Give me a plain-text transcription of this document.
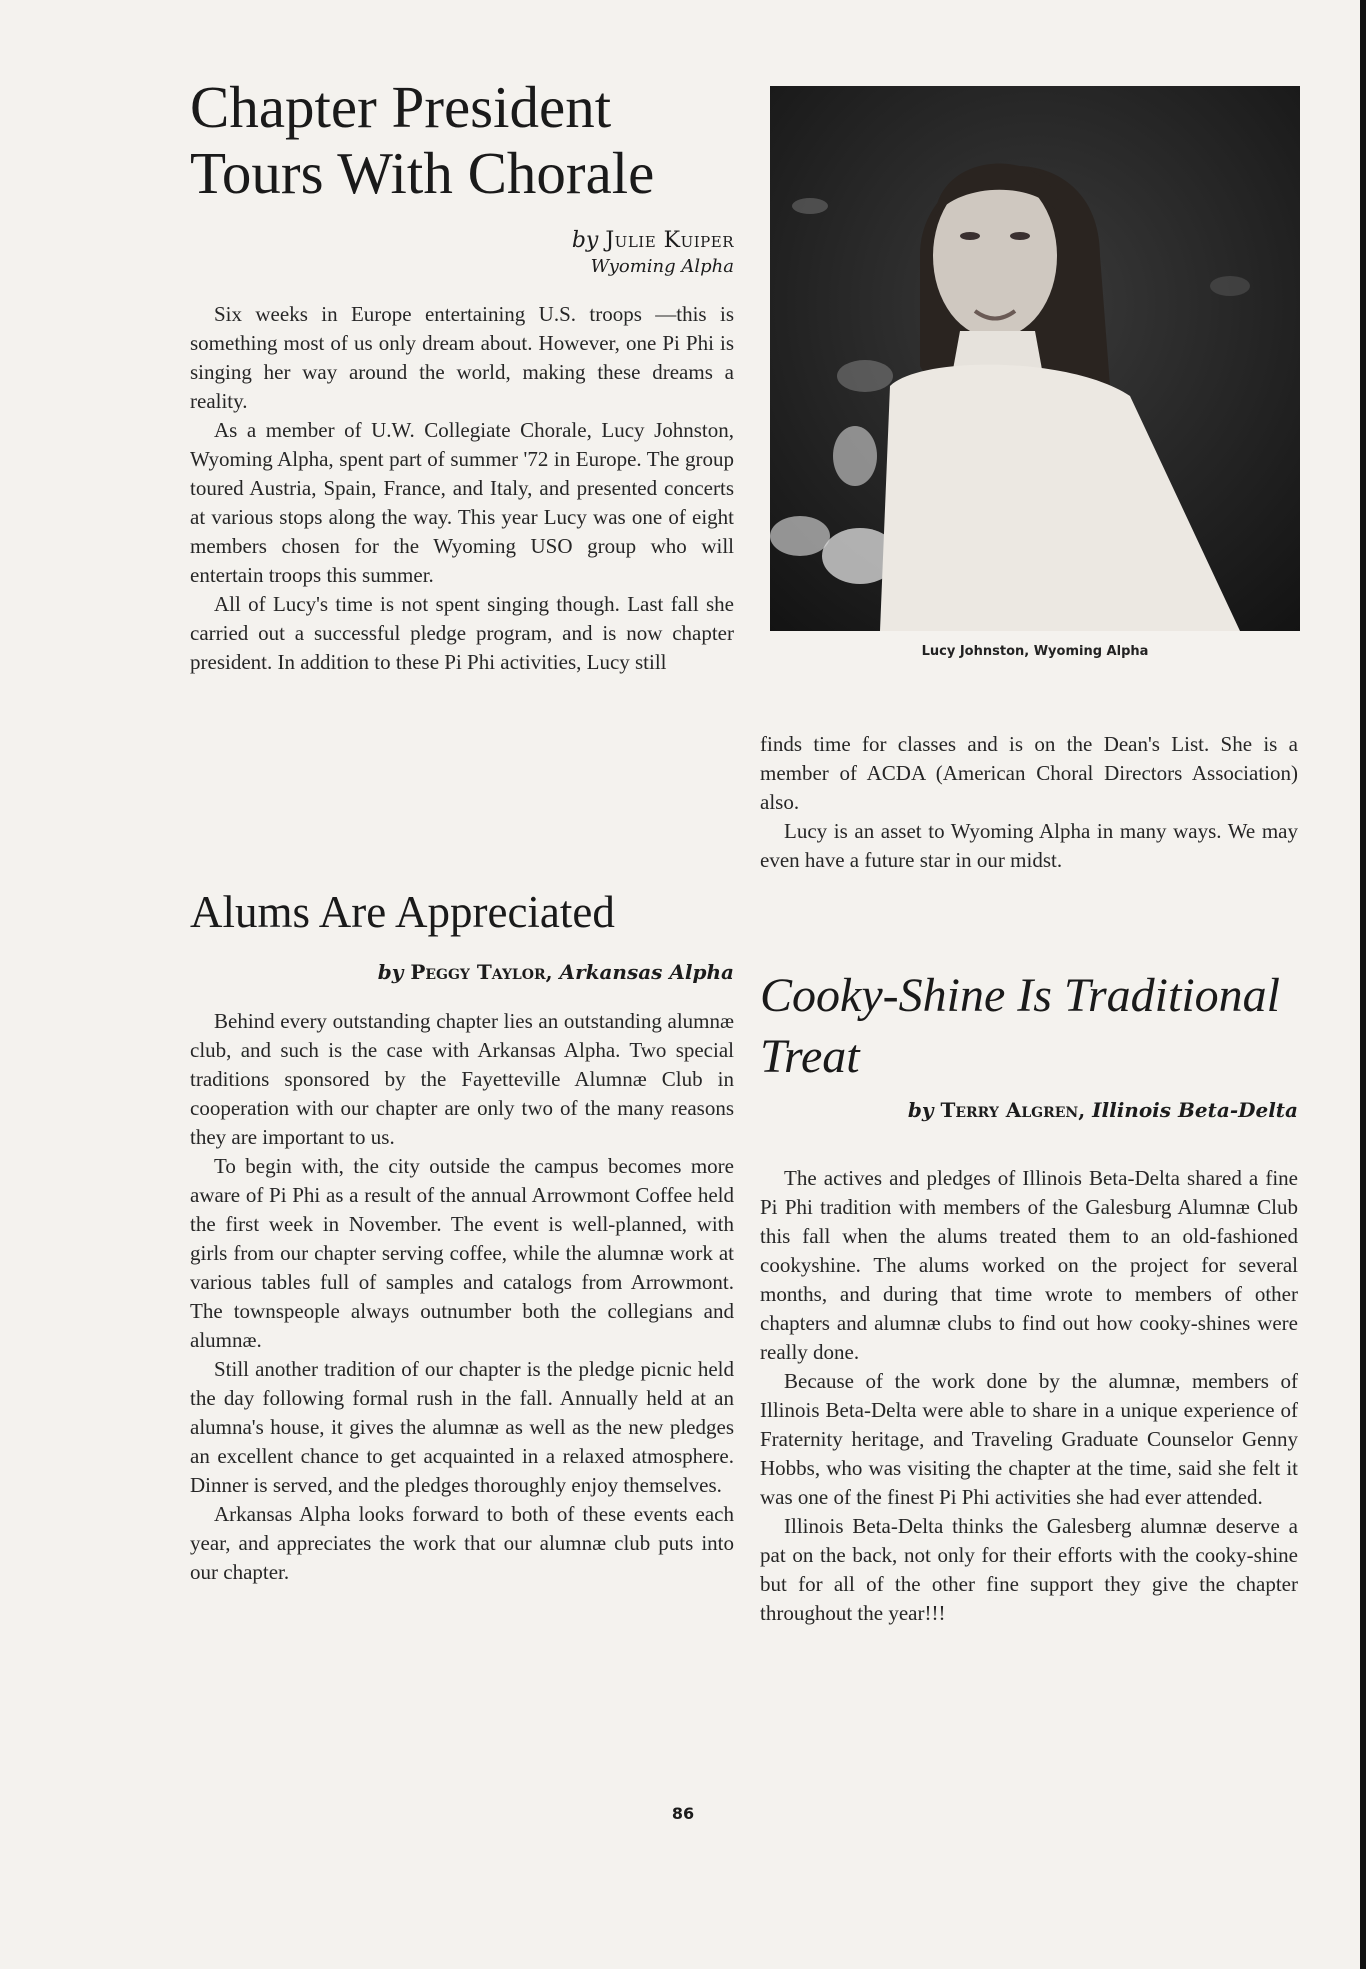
Chapter President Tours With Chorale
by Julie Kuiper
Wyoming Alpha

Six weeks in Europe entertaining U.S. troops —this is something most of us only dream about. However, one Pi Phi is singing her way around the world, making these dreams a reality.

As a member of U.W. Collegiate Chorale, Lucy Johnston, Wyoming Alpha, spent part of summer '72 in Europe. The group toured Austria, Spain, France, and Italy, and presented concerts at various stops along the way. This year Lucy was one of eight members chosen for the Wyoming USO group who will entertain troops this summer.

All of Lucy's time is not spent singing though. Last fall she carried out a successful pledge program, and is now chapter president. In addition to these Pi Phi activities, Lucy still	Lucy Johnston, Wyoming Alpha

finds time for classes and is on the Dean's List. She is a member of ACDA (American Choral Directors Association) also.

Lucy is an asset to Wyoming Alpha in many ways. We may even have a future star in our midst.

Alums Are Appreciated
by Peggy Taylor, Arkansas Alpha

Behind every outstanding chapter lies an outstanding alumnæ club, and such is the case with Arkansas Alpha. Two special traditions sponsored by the Fayetteville Alumnæ Club in cooperation with our chapter are only two of the many reasons they are important to us.

To begin with, the city outside the campus becomes more aware of Pi Phi as a result of the annual Arrowmont Coffee held the first week in November. The event is well-planned, with girls from our chapter serving coffee, while the alumnæ work at various tables full of samples and catalogs from Arrowmont. The townspeople always outnumber both the collegians and alumnæ.

Still another tradition of our chapter is the pledge picnic held the day following formal rush in the fall. Annually held at an alumna's house, it gives the alumnæ as well as the new pledges an excellent chance to get acquainted in a relaxed atmosphere. Dinner is served, and the pledges thoroughly enjoy themselves.

Arkansas Alpha looks forward to both of these events each year, and appreciates the work that our alumnæ club puts into our chapter.

Cooky-Shine Is Traditional Treat
by Terry Algren, Illinois Beta-Delta

The actives and pledges of Illinois Beta-Delta shared a fine Pi Phi tradition with members of the Galesburg Alumnæ Club this fall when the alums treated them to an old-fashioned cookyshine. The alums worked on the project for several months, and during that time wrote to members of other chapters and alumnæ clubs to find out how cooky-shines were really done.

Because of the work done by the alumnæ, members of Illinois Beta-Delta were able to share in a unique experience of Fraternity heritage, and Traveling Graduate Counselor Genny Hobbs, who was visiting the chapter at the time, said she felt it was one of the finest Pi Phi activities she had ever attended.

Illinois Beta-Delta thinks the Galesberg alumnæ deserve a pat on the back, not only for their efforts with the cooky-shine but for all of the other fine support they give the chapter throughout the year!!!

86
